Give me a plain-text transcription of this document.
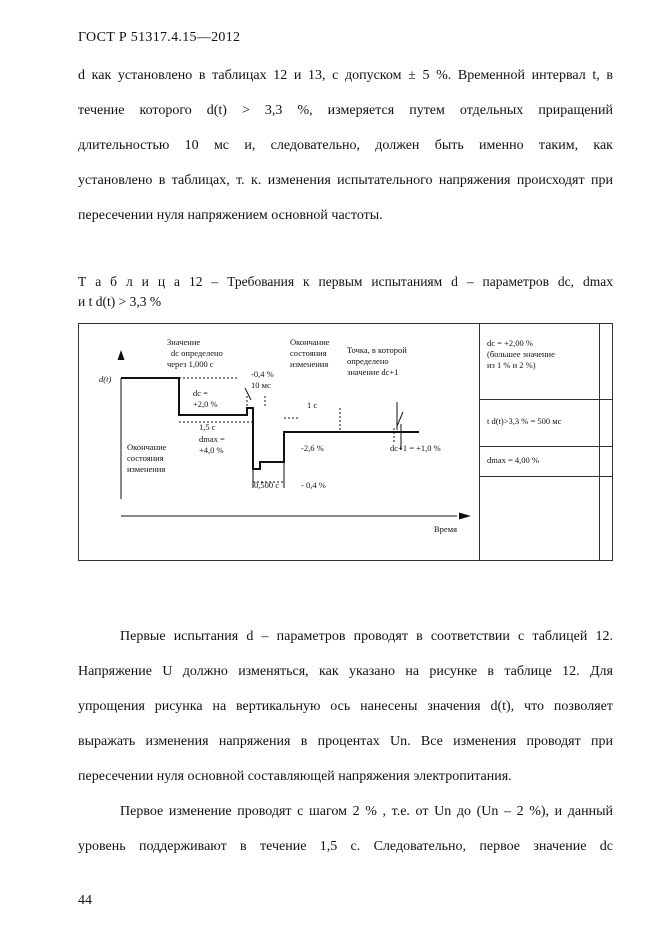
ГОСТ Р 51317.4.15—2012
d как установлено в таблицах 12 и 13, с допуском ± 5 %. Временной интервал t, в
течение которого d(t) > 3,3 %, измеряется путем отдельных приращений
длительностью 10 мс и, следовательно, должен быть именно таким, как
установлено в таблицах, т. к. изменения испытательного напряжения происходят при
пересечении нуля напряжением основной частоты.
Т а б л и ц а 12 – Требования к первым испытаниям d – параметров dc, dmax
и t d(t) > 3,3 %
dc = +2,00 %
(большее значение
из 1 % и 2 %)
t d(t)>3,3 % = 500 мс
dmax = 4,00 %
d(t)
Время
Значение dc определено через 1,000 с
Окончание состояния изменения
Точка, в которой определено значение dc+1
-0,4 % 10 мс
1 с
dc = +2,0 %
1,5 с
dmax = +4,0 %
Окончание состояния изменения
-2,6 %	dc+1 = +1,0 %
0,500 с	- 0,4 %
Первые испытания d – параметров проводят в соответствии с таблицей 12.
Напряжение U должно изменяться, как указано на рисунке в таблице 12. Для
упрощения рисунка на вертикальную ось нанесены значения d(t), что позволяет
выражать изменения напряжения в процентах Un. Все изменения проводят при
пересечении нуля основной составляющей напряжения электропитания.
Первое изменение проводят с шагом 2 % , т.е. от Un до (Un – 2 %), и данный
уровень поддерживают в течение 1,5 с. Следовательно, первое значение dc
44
